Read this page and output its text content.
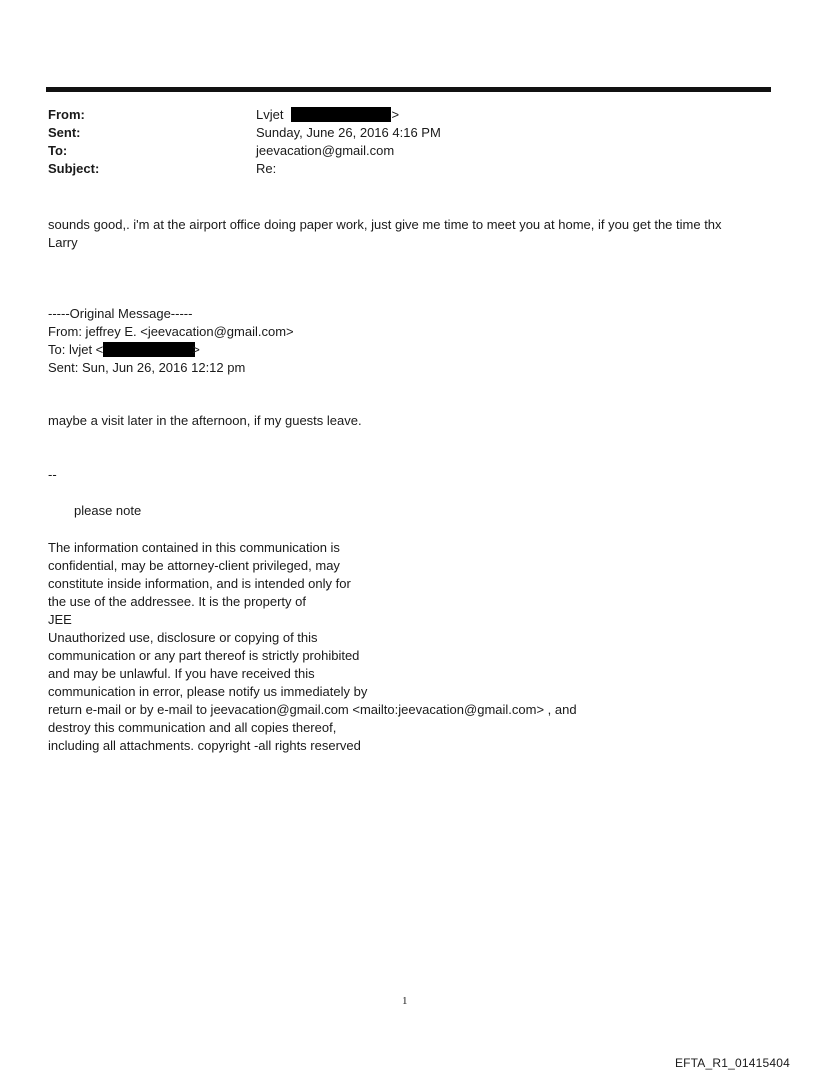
From:	Lvjet	>
Sent:	Sunday, June 26, 2016 4:16 PM
To:	jeevacation@gmail.com
Subject:	Re:
sounds good,. i'm at the airport office doing paper work, just give me time to meet you at home, if you get the time thx
Larry
-----Original Message-----
From: jeffrey E. <jeevacation@gmail.com>
To: lvjet <	>
Sent: Sun, Jun 26, 2016 12:12 pm
maybe a visit later in the afternoon, if my guests leave.
--
please note
The information contained in this communication is
confidential, may be attorney-client privileged, may
constitute inside information, and is intended only for
the use of the addressee. It is the property of
JEE
Unauthorized use, disclosure or copying of this
communication or any part thereof is strictly prohibited
and may be unlawful. If you have received this
communication in error, please notify us immediately by
return e-mail or by e-mail to jeevacation@gmail.com <mailto:jeevacation@gmail.com> , and
destroy this communication and all copies thereof,
including all attachments. copyright -all rights reserved
1
EFTA_R1_01415404
